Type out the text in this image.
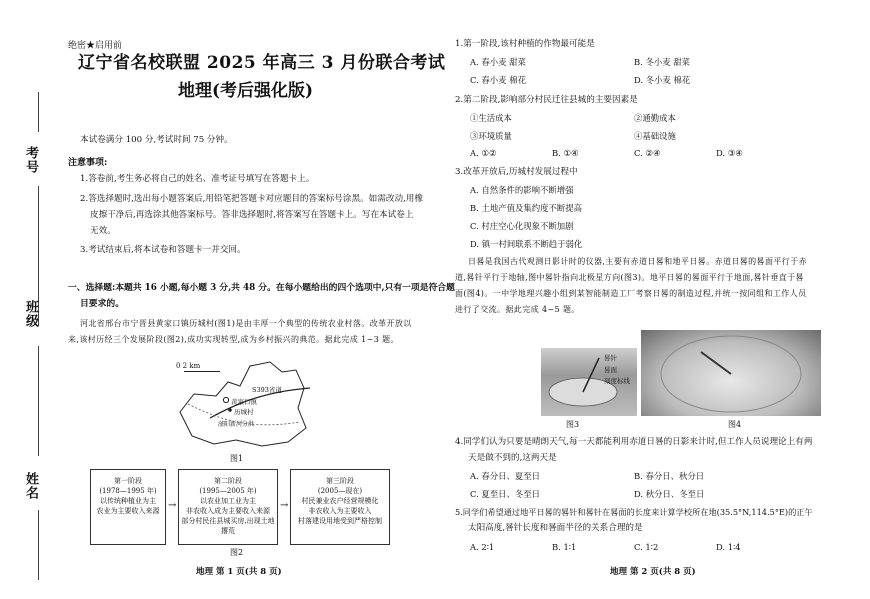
考号
班级
姓名
绝密★启用前
辽宁省名校联盟 2025 年高三 3 月份联合考试
地理(考后强化版)
本试卷满分 100 分,考试时间 75 分钟。
注意事项:
1.答卷前,考生务必将自己的姓名、准考证号填写在答题卡上。
2.答选择题时,选出每小题答案后,用铅笔把答题卡对应题目的答案标号涂黑。如需改动,用橡
皮擦干净后,再选涂其他答案标号。答非选择题时,将答案写在答题卡上。写在本试卷上
无效。
3.考试结束后,将本试卷和答题卡一并交回。
一、选择题:本题共 16 小题,每小题 3 分,共 48 分。在每小题给出的四个选项中,只有一项是符合题
目要求的。
河北省邢台市宁晋县黄家口镇历城村(图1)是由丰厚一个典型的传统农业村落。改革开放以
来,该村历经三个发展阶段(图2),成功实现转型,成为乡村振兴的典范。据此完成 1~3 题。
0 2 km
S393省道
黄家口镇
历城村
滏阳新河分洪
图1
第一阶段
(1978—1995 年)
以传统种植业为主
农业为主要收入来源 →
第二阶段
(1995—2005 年)
以农业加工业为主
非农收入成为主要收入来源
部分村民往县城买房,出现土地撂荒
→
第三阶段
(2005—现在)
村民兼业农户经营规模化
非农收入为主要收入
村落建设用地受到严格控制
图2
地理 第 1 页(共 8 页)
1.第一阶段,该村种植的作物最可能是
A. 春小麦 甜菜	B. 冬小麦 甜菜
C. 春小麦 棉花	D. 冬小麦 棉花
2.第二阶段,影响部分村民迁往县城的主要因素是
①生活成本	②通勤成本
③环境质量	④基础设施
A. ①②	B. ①④	C. ②④	D. ③④
3.改革开放后,历城村发展过程中
A. 自然条件的影响不断增强
B. 土地产值及集约度不断提高
C. 村庄空心化现象不断加剧
D. 镇一村间联系不断趋于弱化
日晷是我国古代观测日影计时的仪器,主要有赤道日晷和地平日晷。赤道日晷的晷面平行于赤
道,晷针平行于地轴,图中晷针指向北极星方向(图3)。地平日晷的晷面平行于地面,晷针垂直于晷
面(图4)。一中学地理兴趣小组到某智能制造工厂考察日晷的制造过程,并统一按同组和工作人员
进行了交流。据此完成 4~5 题。
晷针
晷面
刻度标线
图3	图4
4.同学们认为只要是晴朗天气,每一天都能利用赤道日晷的日影来计时,但工作人员说理论上有两
天是做不到的,这两天是
A. 春分日、夏至日	B. 春分日、秋分日
C. 夏至日、冬至日	D. 秋分日、冬至日
5.同学们希望通过地平日晷的晷针和晷针在晷面的长度来计算学校所在地(35.5°N,114.5°E)的正午
太阳高度,晷针长度和晷面半径的关系合理的是
A. 2∶1	B. 1∶1	C. 1∶2	D. 1∶4
地理 第 2 页(共 8 页)
